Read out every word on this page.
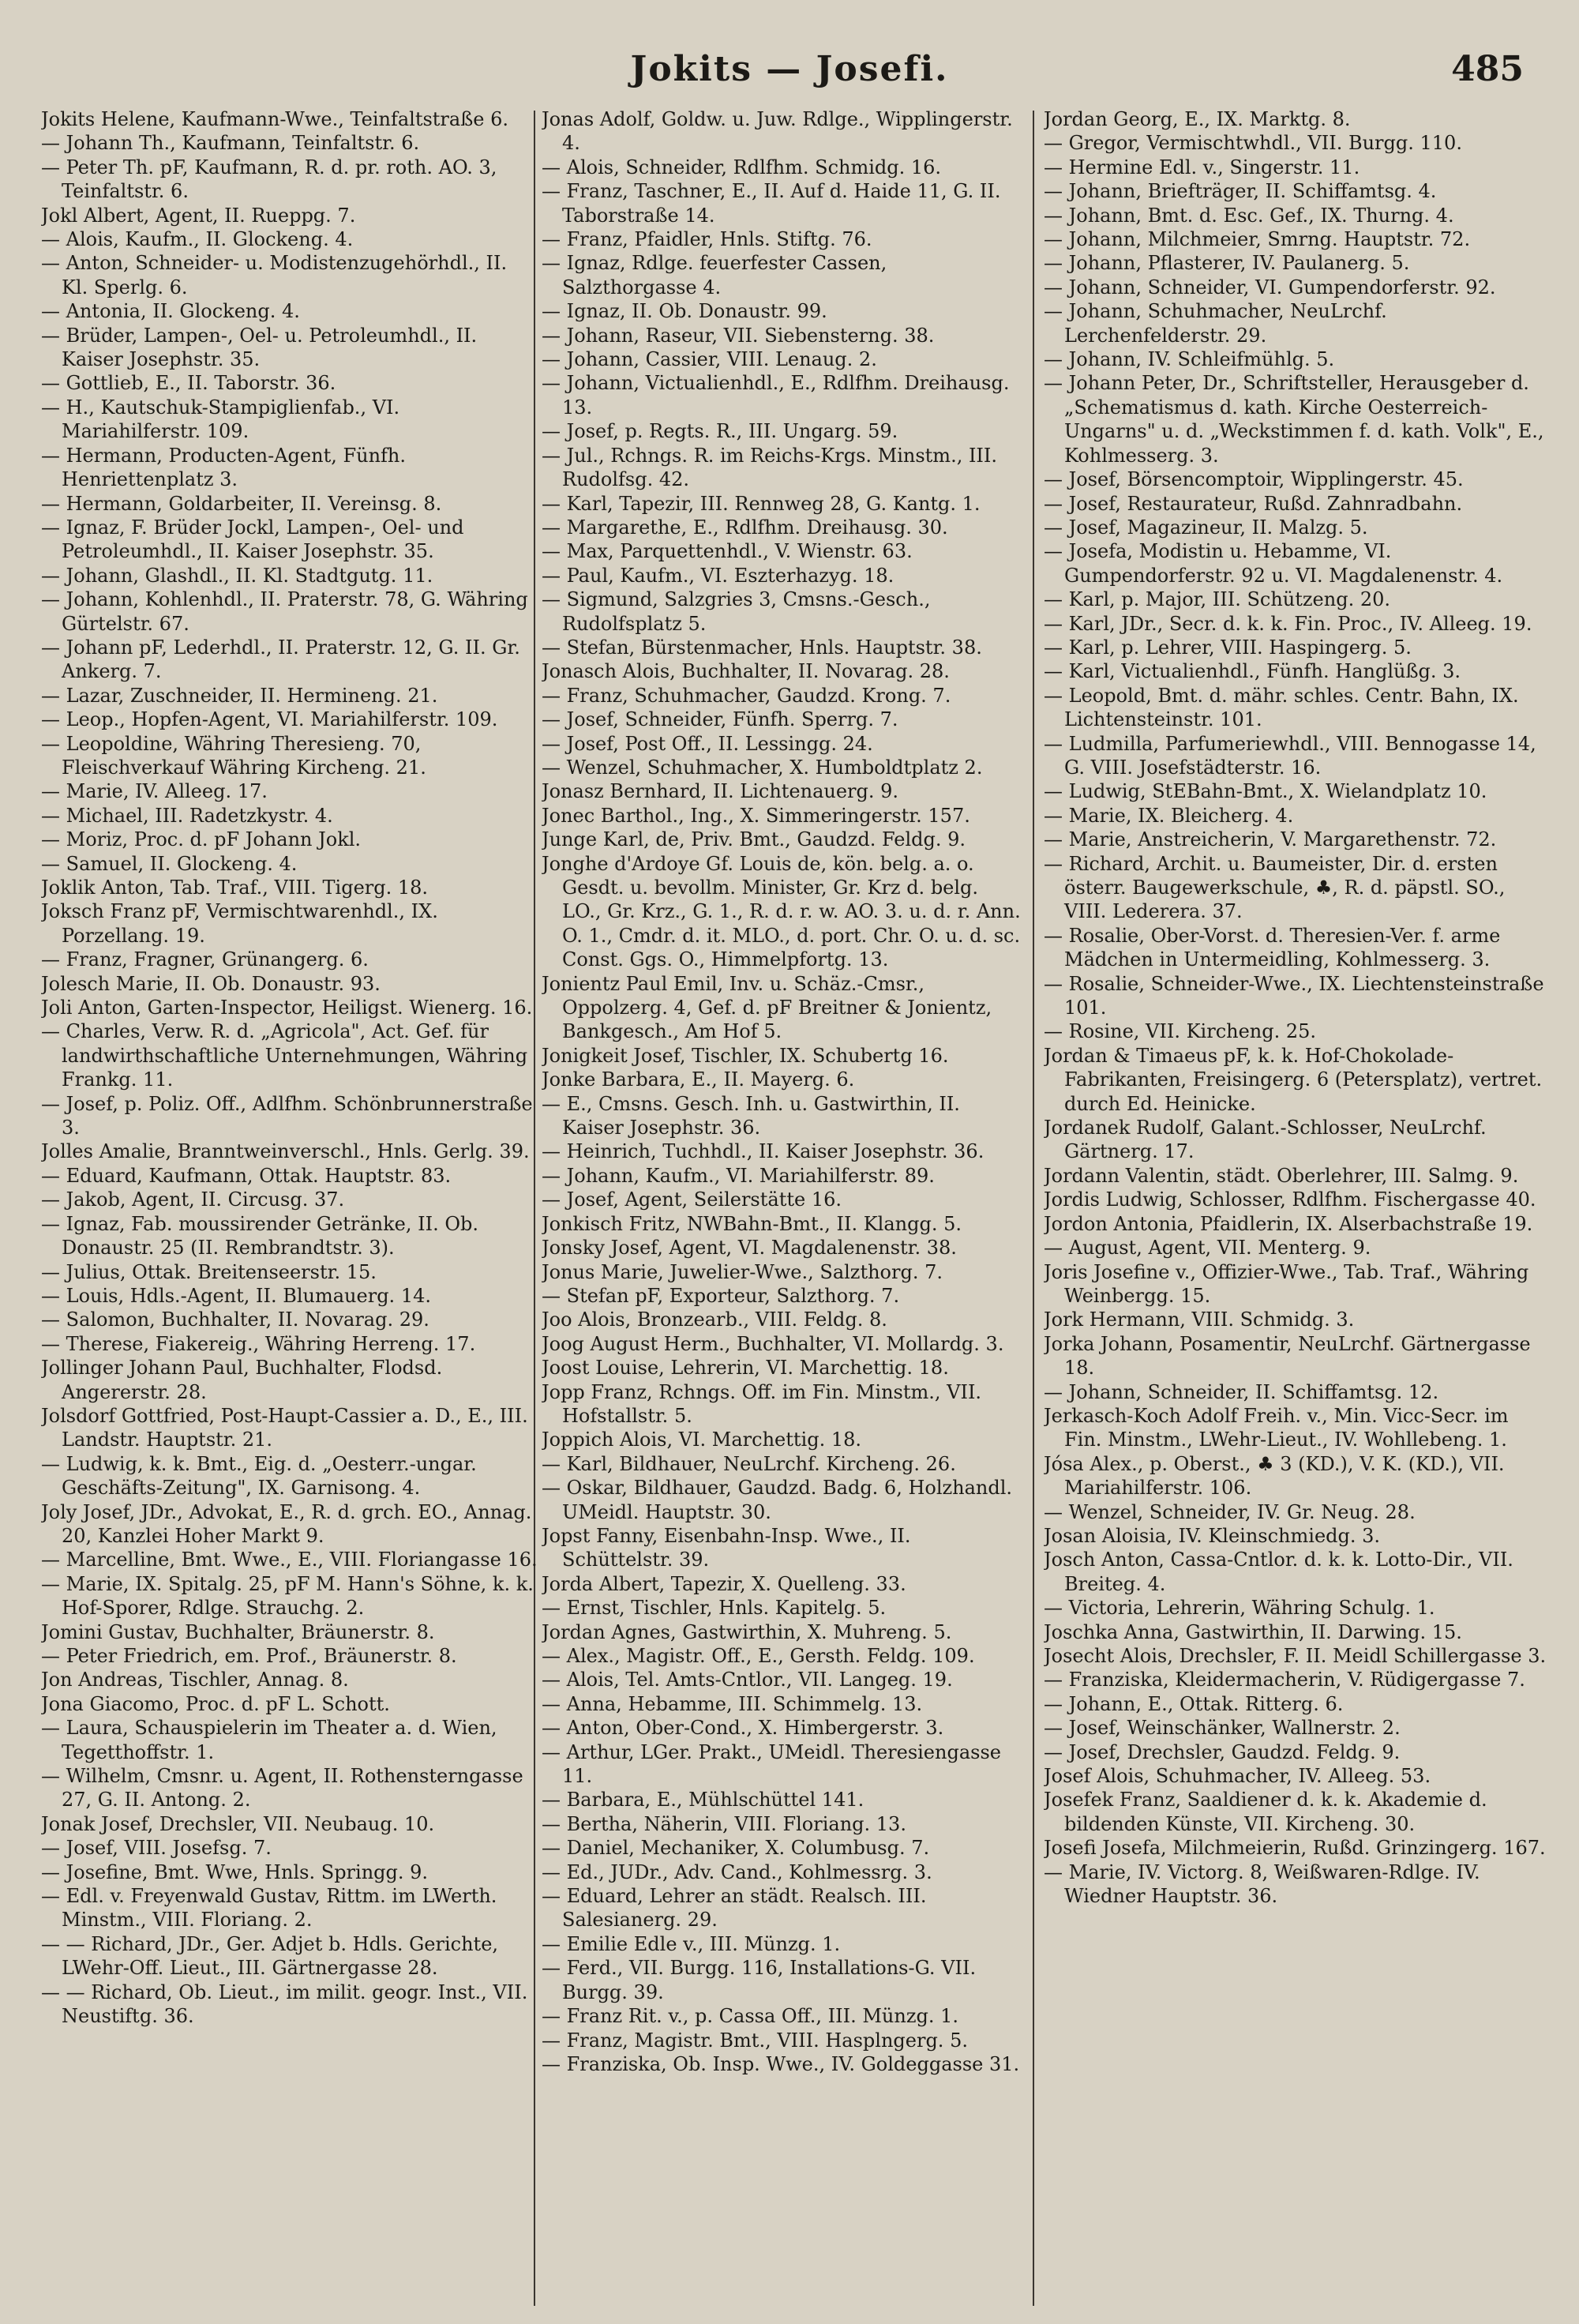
Jokits — Josefi.	485

Jokits Helene, Kaufmann-Wwe., Teinfaltstraße 6.

— Johann Th., Kaufmann, Teinfaltstr. 6.

— Peter Th. pF, Kaufmann, R. d. pr. roth. AO. 3, Teinfaltstr. 6.

Jokl Albert, Agent, II. Rueppg. 7.

— Alois, Kaufm., II. Glockeng. 4.

— Anton, Schneider- u. Modistenzugehörhdl., II. Kl. Sperlg. 6.

— Antonia, II. Glockeng. 4.

— Brüder, Lampen-, Oel- u. Petroleumhdl., II. Kaiser Josephstr. 35.

— Gottlieb, E., II. Taborstr. 36.

— H., Kautschuk-Stampiglienfab., VI. Mariahilferstr. 109.

— Hermann, Producten-Agent, Fünfh. Henriettenplatz 3.

— Hermann, Goldarbeiter, II. Vereinsg. 8.

— Ignaz, F. Brüder Jockl, Lampen-, Oel- und Petroleumhdl., II. Kaiser Josephstr. 35.

— Johann, Glashdl., II. Kl. Stadtgutg. 11.

— Johann, Kohlenhdl., II. Praterstr. 78, G. Währing Gürtelstr. 67.

— Johann pF, Lederhdl., II. Praterstr. 12, G. II. Gr. Ankerg. 7.

— Lazar, Zuschneider, II. Hermineng. 21.

— Leop., Hopfen-Agent, VI. Mariahilferstr. 109.

— Leopoldine, Währing Theresieng. 70, Fleischverkauf Währing Kircheng. 21.

— Marie, IV. Alleeg. 17.

— Michael, III. Radetzkystr. 4.

— Moriz, Proc. d. pF Johann Jokl.

— Samuel, II. Glockeng. 4.

Joklik Anton, Tab. Traf., VIII. Tigerg. 18.

Joksch Franz pF, Vermischtwarenhdl., IX. Porzellang. 19.

— Franz, Fragner, Grünangerg. 6.

Jolesch Marie, II. Ob. Donaustr. 93.

Joli Anton, Garten-Inspector, Heiligst. Wienerg. 16.

— Charles, Verw. R. d. „Agricola", Act. Gef. für landwirthschaftliche Unternehmungen, Währing Frankg. 11.

— Josef, p. Poliz. Off., Adlfhm. Schönbrunnerstraße 3.

Jolles Amalie, Branntweinverschl., Hnls. Gerlg. 39.

— Eduard, Kaufmann, Ottak. Hauptstr. 83.

— Jakob, Agent, II. Circusg. 37.

— Ignaz, Fab. moussirender Getränke, II. Ob. Donaustr. 25 (II. Rembrandtstr. 3).

— Julius, Ottak. Breitenseerstr. 15.

— Louis, Hdls.-Agent, II. Blumauerg. 14.

— Salomon, Buchhalter, II. Novarag. 29.

— Therese, Fiakereig., Währing Herreng. 17.

Jollinger Johann Paul, Buchhalter, Flodsd. Angererstr. 28.

Jolsdorf Gottfried, Post-Haupt-Cassier a. D., E., III. Landstr. Hauptstr. 21.

— Ludwig, k. k. Bmt., Eig. d. „Oesterr.-ungar. Geschäfts-Zeitung", IX. Garnisong. 4.

Joly Josef, JDr., Advokat, E., R. d. grch. EO., Annag. 20, Kanzlei Hoher Markt 9.

— Marcelline, Bmt. Wwe., E., VIII. Floriangasse 16.

— Marie, IX. Spitalg. 25, pF M. Hann's Söhne, k. k. Hof-Sporer, Rdlge. Strauchg. 2.

Jomini Gustav, Buchhalter, Bräunerstr. 8.

— Peter Friedrich, em. Prof., Bräunerstr. 8.

Jon Andreas, Tischler, Annag. 8.

Jona Giacomo, Proc. d. pF L. Schott.

— Laura, Schauspielerin im Theater a. d. Wien, Tegetthoffstr. 1.

— Wilhelm, Cmsnr. u. Agent, II. Rothensterngasse 27, G. II. Antong. 2.

Jonak Josef, Drechsler, VII. Neubaug. 10.

— Josef, VIII. Josefsg. 7.

— Josefine, Bmt. Wwe, Hnls. Springg. 9.

— Edl. v. Freyenwald Gustav, Rittm. im LWerth. Minstm., VIII. Floriang. 2.

— — Richard, JDr., Ger. Adjet b. Hdls. Gerichte, LWehr-Off. Lieut., III. Gärtnergasse 28.

— — Richard, Ob. Lieut., im milit. geogr. Inst., VII. Neustiftg. 36.

Jonas Adolf, Goldw. u. Juw. Rdlge., Wipplingerstr. 4.

— Alois, Schneider, Rdlfhm. Schmidg. 16.

— Franz, Taschner, E., II. Auf d. Haide 11, G. II. Taborstraße 14.

— Franz, Pfaidler, Hnls. Stiftg. 76.

— Ignaz, Rdlge. feuerfester Cassen, Salzthorgasse 4.

— Ignaz, II. Ob. Donaustr. 99.

— Johann, Raseur, VII. Siebensterng. 38.

— Johann, Cassier, VIII. Lenaug. 2.

— Johann, Victualienhdl., E., Rdlfhm. Dreihausg. 13.

— Josef, p. Regts. R., III. Ungarg. 59.

— Jul., Rchngs. R. im Reichs-Krgs. Minstm., III. Rudolfsg. 42.

— Karl, Tapezir, III. Rennweg 28, G. Kantg. 1.

— Margarethe, E., Rdlfhm. Dreihausg. 30.

— Max, Parquettenhdl., V. Wienstr. 63.

— Paul, Kaufm., VI. Eszterhazyg. 18.

— Sigmund, Salzgries 3, Cmsns.-Gesch., Rudolfsplatz 5.

— Stefan, Bürstenmacher, Hnls. Hauptstr. 38.

Jonasch Alois, Buchhalter, II. Novarag. 28.

— Franz, Schuhmacher, Gaudzd. Krong. 7.

— Josef, Schneider, Fünfh. Sperrg. 7.

— Josef, Post Off., II. Lessingg. 24.

— Wenzel, Schuhmacher, X. Humboldtplatz 2.

Jonasz Bernhard, II. Lichtenauerg. 9.

Jonec Barthol., Ing., X. Simmeringerstr. 157.

Junge Karl, de, Priv. Bmt., Gaudzd. Feldg. 9.

Jonghe d'Ardoye Gf. Louis de, kön. belg. a. o. Gesdt. u. bevollm. Minister, Gr. Krz d. belg. LO., Gr. Krz., G. 1., R. d. r. w. AO. 3. u. d. r. Ann. O. 1., Cmdr. d. it. MLO., d. port. Chr. O. u. d. sc. Const. Ggs. O., Himmelpfortg. 13.

Jonientz Paul Emil, Inv. u. Schäz.-Cmsr., Oppolzerg. 4, Gef. d. pF Breitner & Jonientz, Bankgesch., Am Hof 5.

Jonigkeit Josef, Tischler, IX. Schubertg 16.

Jonke Barbara, E., II. Mayerg. 6.

— E., Cmsns. Gesch. Inh. u. Gastwirthin, II. Kaiser Josephstr. 36.

— Heinrich, Tuchhdl., II. Kaiser Josephstr. 36.

— Johann, Kaufm., VI. Mariahilferstr. 89.

— Josef, Agent, Seilerstätte 16.

Jonkisch Fritz, NWBahn-Bmt., II. Klangg. 5.

Jonsky Josef, Agent, VI. Magdalenenstr. 38.

Jonus Marie, Juwelier-Wwe., Salzthorg. 7.

— Stefan pF, Exporteur, Salzthorg. 7.

Joo Alois, Bronzearb., VIII. Feldg. 8.

Joog August Herm., Buchhalter, VI. Mollardg. 3.

Joost Louise, Lehrerin, VI. Marchettig. 18.

Jopp Franz, Rchngs. Off. im Fin. Minstm., VII. Hofstallstr. 5.

Joppich Alois, VI. Marchettig. 18.

— Karl, Bildhauer, NeuLrchf. Kircheng. 26.

— Oskar, Bildhauer, Gaudzd. Badg. 6, Holzhandl. UMeidl. Hauptstr. 30.

Jopst Fanny, Eisenbahn-Insp. Wwe., II. Schüttelstr. 39.

Jorda Albert, Tapezir, X. Quelleng. 33.

— Ernst, Tischler, Hnls. Kapitelg. 5.

Jordan Agnes, Gastwirthin, X. Muhreng. 5.

— Alex., Magistr. Off., E., Gersth. Feldg. 109.

— Alois, Tel. Amts-Cntlor., VII. Langeg. 19.

— Anna, Hebamme, III. Schimmelg. 13.

— Anton, Ober-Cond., X. Himbergerstr. 3.

— Arthur, LGer. Prakt., UMeidl. Theresiengasse 11.

— Barbara, E., Mühlschüttel 141.

— Bertha, Näherin, VIII. Floriang. 13.

— Daniel, Mechaniker, X. Columbusg. 7.

— Ed., JUDr., Adv. Cand., Kohlmessrg. 3.

— Eduard, Lehrer an städt. Realsch. III. Salesianerg. 29.

— Emilie Edle v., III. Münzg. 1.

— Ferd., VII. Burgg. 116, Installations-G. VII. Burgg. 39.

— Franz Rit. v., p. Cassa Off., III. Münzg. 1.

— Franz, Magistr. Bmt., VIII. Hasplngerg. 5.

— Franziska, Ob. Insp. Wwe., IV. Goldeggasse 31.

Jordan Georg, E., IX. Marktg. 8.

— Gregor, Vermischtwhdl., VII. Burgg. 110.

— Hermine Edl. v., Singerstr. 11.

— Johann, Briefträger, II. Schiffamtsg. 4.

— Johann, Bmt. d. Esc. Gef., IX. Thurng. 4.

— Johann, Milchmeier, Smrng. Hauptstr. 72.

— Johann, Pflasterer, IV. Paulanerg. 5.

— Johann, Schneider, VI. Gumpendorferstr. 92.

— Johann, Schuhmacher, NeuLrchf. Lerchenfelderstr. 29.

— Johann, IV. Schleifmühlg. 5.

— Johann Peter, Dr., Schriftsteller, Herausgeber d. „Schematismus d. kath. Kirche Oesterreich-Ungarns" u. d. „Weckstimmen f. d. kath. Volk", E., Kohlmesserg. 3.

— Josef, Börsencomptoir, Wipplingerstr. 45.

— Josef, Restaurateur, Rußd. Zahnradbahn.

— Josef, Magazineur, II. Malzg. 5.

— Josefa, Modistin u. Hebamme, VI. Gumpendorferstr. 92 u. VI. Magdalenenstr. 4.

— Karl, p. Major, III. Schützeng. 20.

— Karl, JDr., Secr. d. k. k. Fin. Proc., IV. Alleeg. 19.

— Karl, p. Lehrer, VIII. Haspingerg. 5.

— Karl, Victualienhdl., Fünfh. Hanglüßg. 3.

— Leopold, Bmt. d. mähr. schles. Centr. Bahn, IX. Lichtensteinstr. 101.

— Ludmilla, Parfumeriewhdl., VIII. Bennogasse 14, G. VIII. Josefstädterstr. 16.

— Ludwig, StEBahn-Bmt., X. Wielandplatz 10.

— Marie, IX. Bleicherg. 4.

— Marie, Anstreicherin, V. Margarethenstr. 72.

— Richard, Archit. u. Baumeister, Dir. d. ersten österr. Baugewerkschule, ♣, R. d. päpstl. SO., VIII. Lederera. 37.

— Rosalie, Ober-Vorst. d. Theresien-Ver. f. arme Mädchen in Untermeidling, Kohlmesserg. 3.

— Rosalie, Schneider-Wwe., IX. Liechtensteinstraße 101.

— Rosine, VII. Kircheng. 25.

Jordan & Timaeus pF, k. k. Hof-Chokolade-Fabrikanten, Freisingerg. 6 (Petersplatz), vertret. durch Ed. Heinicke.

Jordanek Rudolf, Galant.-Schlosser, NeuLrchf. Gärtnerg. 17.

Jordann Valentin, städt. Oberlehrer, III. Salmg. 9.

Jordis Ludwig, Schlosser, Rdlfhm. Fischergasse 40.

Jordon Antonia, Pfaidlerin, IX. Alserbachstraße 19.

— August, Agent, VII. Menterg. 9.

Joris Josefine v., Offizier-Wwe., Tab. Traf., Währing Weinbergg. 15.

Jork Hermann, VIII. Schmidg. 3.

Jorka Johann, Posamentir, NeuLrchf. Gärtnergasse 18.

— Johann, Schneider, II. Schiffamtsg. 12.

Jerkasch-Koch Adolf Freih. v., Min. Vicc-Secr. im Fin. Minstm., LWehr-Lieut., IV. Wohllebeng. 1.

Jósa Alex., p. Oberst., ♣ 3 (KD.), V. K. (KD.), VII. Mariahilferstr. 106.

— Wenzel, Schneider, IV. Gr. Neug. 28.

Josan Aloisia, IV. Kleinschmiedg. 3.

Josch Anton, Cassa-Cntlor. d. k. k. Lotto-Dir., VII. Breiteg. 4.

— Victoria, Lehrerin, Währing Schulg. 1.

Joschka Anna, Gastwirthin, II. Darwing. 15.

Josecht Alois, Drechsler, F. II. Meidl Schillergasse 3.

— Franziska, Kleidermacherin, V. Rüdigergasse 7.

— Johann, E., Ottak. Ritterg. 6.

— Josef, Weinschänker, Wallnerstr. 2.

— Josef, Drechsler, Gaudzd. Feldg. 9.

Josef Alois, Schuhmacher, IV. Alleeg. 53.

Josefek Franz, Saaldiener d. k. k. Akademie d. bildenden Künste, VII. Kircheng. 30.

Josefi Josefa, Milchmeierin, Rußd. Grinzingerg. 167.

— Marie, IV. Victorg. 8, Weißwaren-Rdlge. IV. Wiedner Hauptstr. 36.
